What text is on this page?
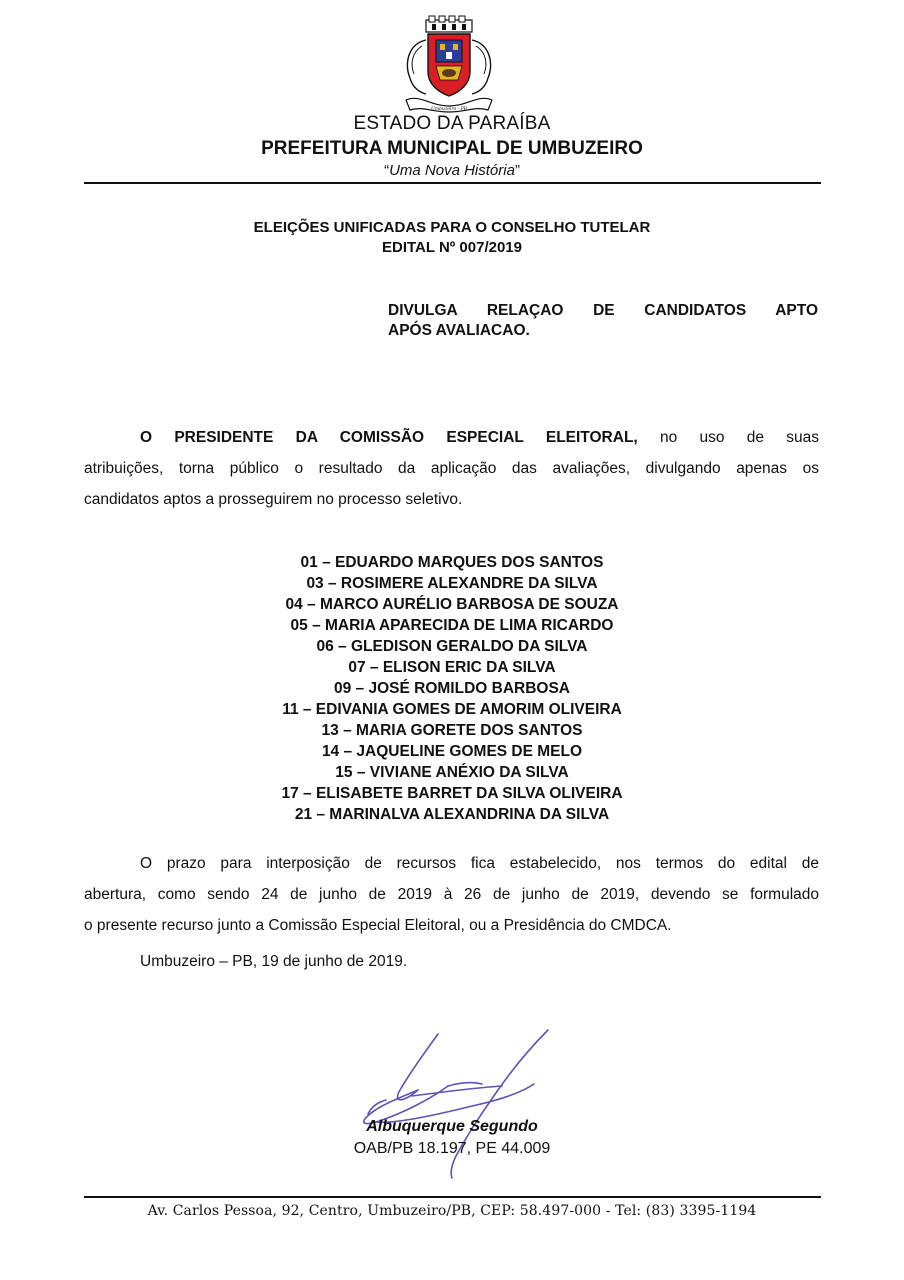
Umbuzeiro - PB
ESTADO DA PARAÍBA
PREFEITURA MUNICIPAL DE UMBUZEIRO
“Uma Nova História”
ELEIÇÕES UNIFICADAS PARA O CONSELHO TUTELAR
EDITAL Nº 007/2019
DIVULGA RELAÇAO DE CANDIDATOS APTO
APÓS AVALIACAO.
O PRESIDENTE DA COMISSÃO ESPECIAL ELEITORAL, no uso de suas
atribuições, torna público o resultado da aplicação das avaliações, divulgando apenas os
candidatos aptos a prosseguirem no processo seletivo.
01 – EDUARDO MARQUES DOS SANTOS
03 – ROSIMERE ALEXANDRE DA SILVA
04 – MARCO AURÉLIO BARBOSA DE SOUZA
05 – MARIA APARECIDA DE LIMA RICARDO
06 – GLEDISON GERALDO DA SILVA
07 – ELISON ERIC DA SILVA
09 – JOSÉ ROMILDO BARBOSA
11 – EDIVANIA GOMES DE AMORIM OLIVEIRA
13 – MARIA GORETE DOS SANTOS
14 – JAQUELINE GOMES DE MELO
15 – VIVIANE ANÉXIO DA SILVA
17 – ELISABETE BARRET DA SILVA OLIVEIRA
21 – MARINALVA ALEXANDRINA DA SILVA
O prazo para interposição de recursos fica estabelecido, nos termos do edital de
abertura, como sendo 24 de junho de 2019 à 26 de junho de 2019, devendo se formulado
o presente recurso junto a Comissão Especial Eleitoral, ou a Presidência do CMDCA.
Umbuzeiro – PB, 19 de junho de 2019.
Albuquerque Segundo
OAB/PB 18.197, PE 44.009
Av. Carlos Pessoa, 92, Centro, Umbuzeiro/PB, CEP: 58.497-000 - Tel: (83) 3395-1194
